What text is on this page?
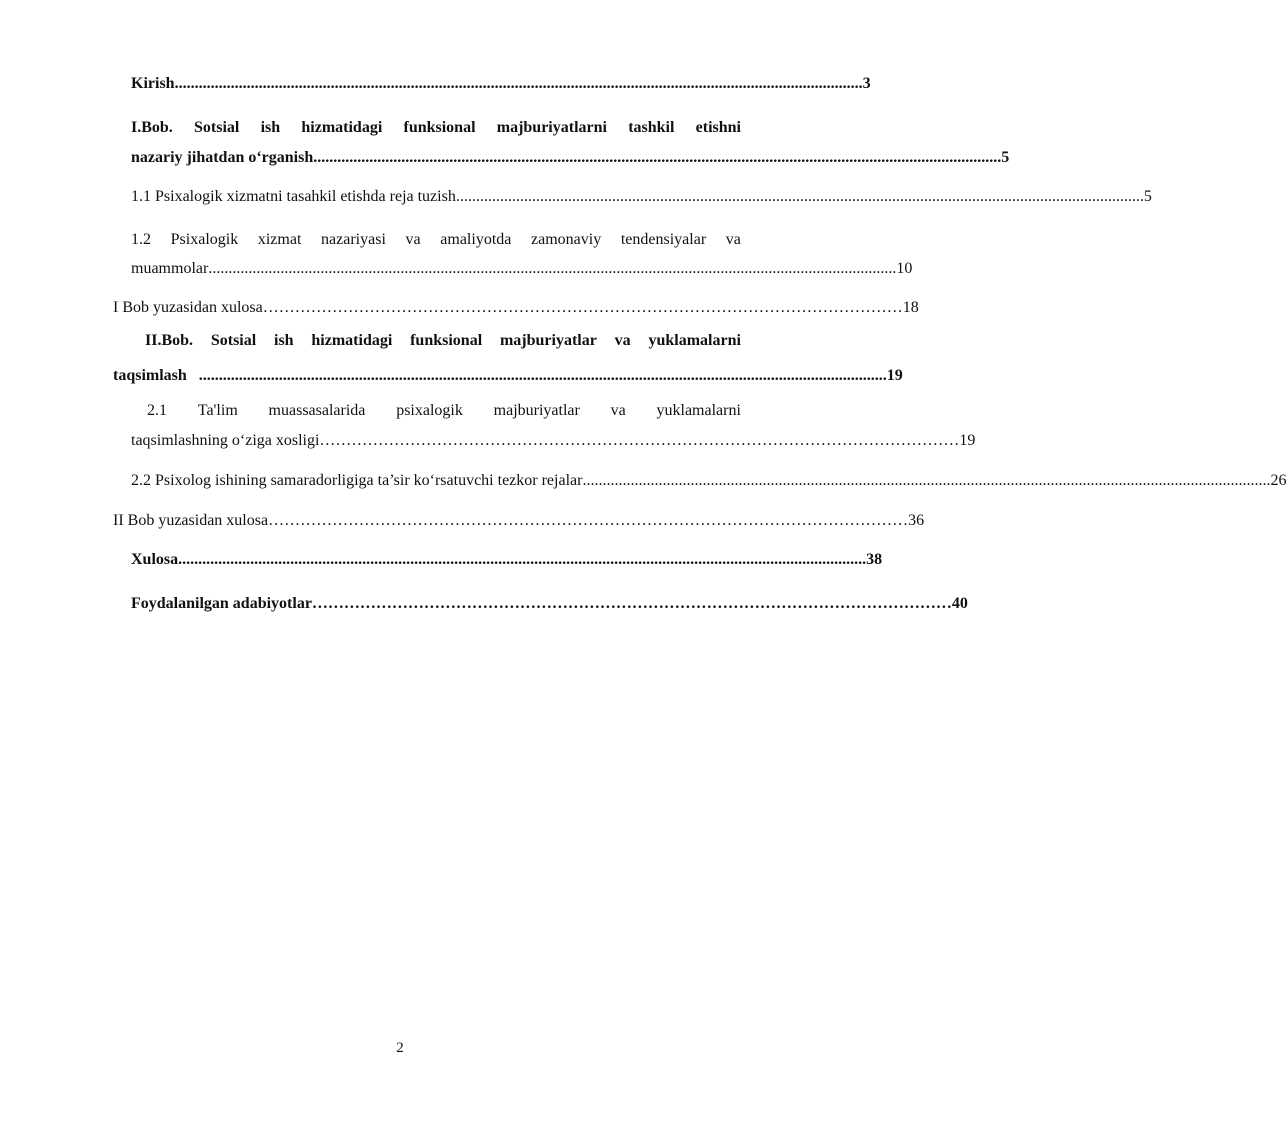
Kirish ............................................................................................................................................................................ 3
I.Bob. Sotsial ish hizmatidagi funksional majburiyatlarni tashkil etishni
nazariy jihatdan o‘rganish ............................................................................................................................................................................ 5
1.1 Psixalogik xizmatni tasahkil etishda reja tuzish ............................................................................................................................................................................ 5
1.2 Psixalogik xizmat nazariyasi va amaliyotda zamonaviy tendensiyalar va
muammolar ............................................................................................................................................................................ 10
I Bob yuzasidan xulosa ………………………………………………………………………………………………………… 18
II.Bob. Sotsial ish hizmatidagi funksional majburiyatlar va yuklamalarni
taqsimlash ............................................................................................................................................................................ 19
2.1 Ta'lim muassasalarida psixalogik majburiyatlar va yuklamalarni
taqsimlashning o‘ziga xosligi ………………………………………………………………………………………………………… 19
2.2 Psixolog ishining samaradorligiga ta’sir ko‘rsatuvchi tezkor rejalar ............................................................................................................................................................................ 26
II Bob yuzasidan xulosa ………………………………………………………………………………………………………… 36
Xulosa ............................................................................................................................................................................ 38
Foydalanilgan adabiyotlar ………………………………………………………………………………………………………… 40
2
